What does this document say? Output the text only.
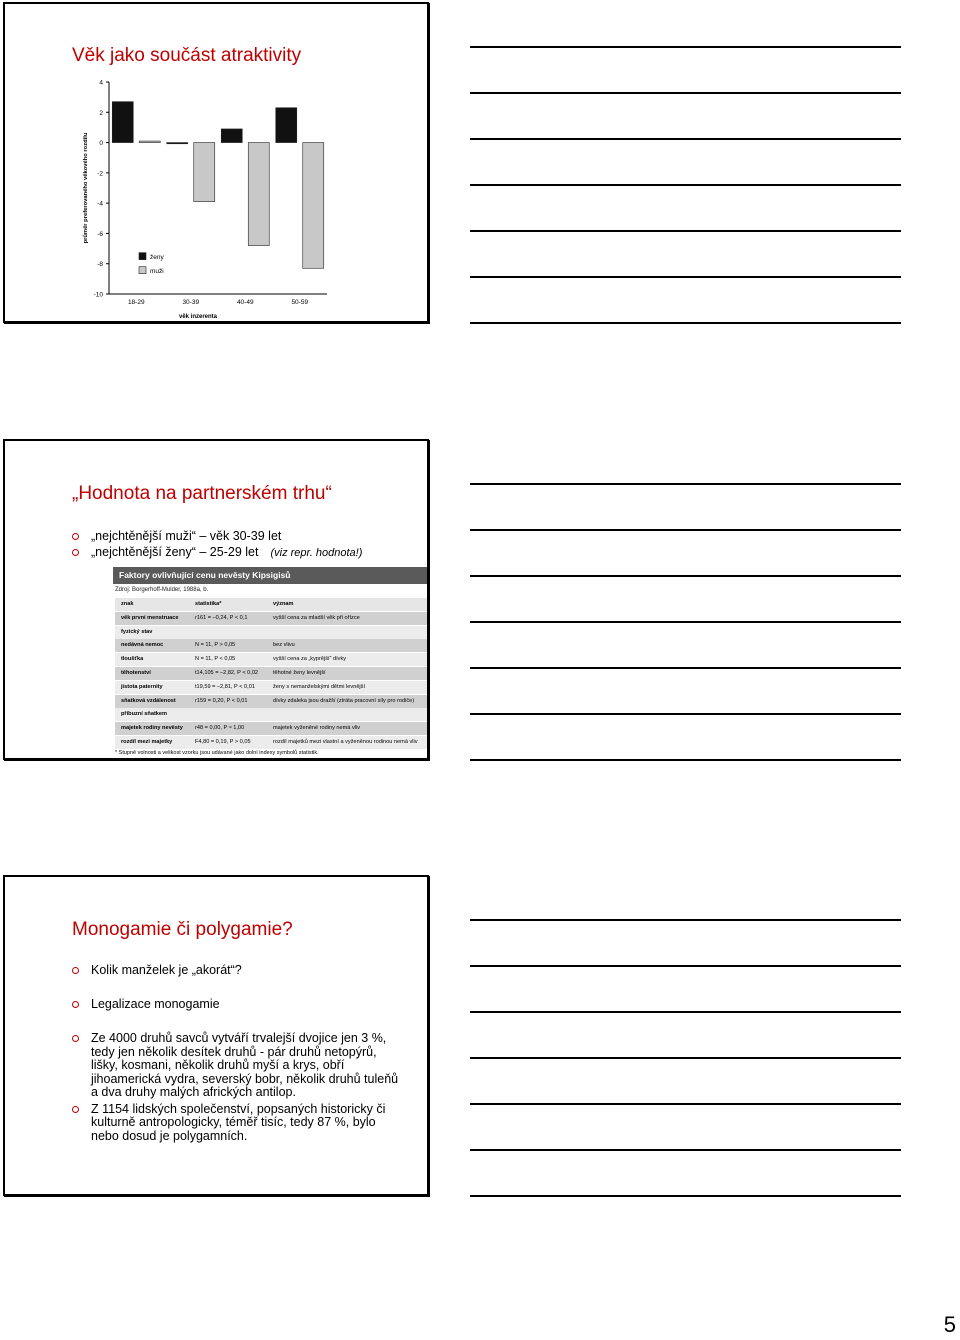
Věk jako součást atraktivity
4
2
0
-2
-4
-6
-8
-10
průměr preferovaného věkového rozdílu
18-29	30-39	40-49	50-59
věk inzerenta
ženy
muži
„Hodnota na partnerském trhu“
„nejchtěnější muži“ – věk 30-39 let
„nejchtěnější ženy“ – 25-29 let (viz repr. hodnota!)
Faktory ovlivňující cenu nevěsty Kipsigisů
Zdroj: Borgerhoff-Mulder, 1988a, b.
znak	statistika*	význam
věk první menstruace	r161 = –0,24, P < 0,1	vyšší cena za mladší věk při ořízce
fyzický stav
nedávná nemoc	N = 11, P > 0,05	bez vlivu
tloušťka	N = 11, P < 0,05	vyšší cena za „kyprější“ dívky
těhotenství	t14,105 = –2,82, P < 0,02	těhotné ženy levnější
jistota paternity	t19,59 = –2,81, P < 0,01	ženy s nemanželskými dětmi levnější
sňatková vzdálenost	r159 = 0,20, P < 0,01	dívky zdaleka jsou dražší (ztráta pracovní síly pro rodiče)
příbuzní sňatkem
majetek rodiny nevěsty r48 = 0,00, P ≈ 1,00	majetek vyženěné rodiny nemá vliv
rozdíl mezi majetky	F4,80 = 0,19, P > 0,05	rozdíl majetků mezi vlastní a vyženěnou rodinou nemá vliv
* Stupně volnosti a velikost vzorku jsou udávané jako dolní indexy symbolů statistik.
Monogamie či polygamie?
Kolik manželek je „akorát“?
Legalizace monogamie
Ze 4000 druhů savců vytváří trvalejší dvojice jen 3 %, tedy jen několik desítek druhů - pár druhů netopýrů, lišky, kosmani, několik druhů myší a krys, obří jihoamerická vydra, severský bobr, několik druhů tuleňů a dva druhy malých afrických antilop.
Z 1154 lidských společenství, popsaných historicky či kulturně antropologicky, téměř tisíc, tedy 87 %, bylo nebo dosud je polygamních.
5
